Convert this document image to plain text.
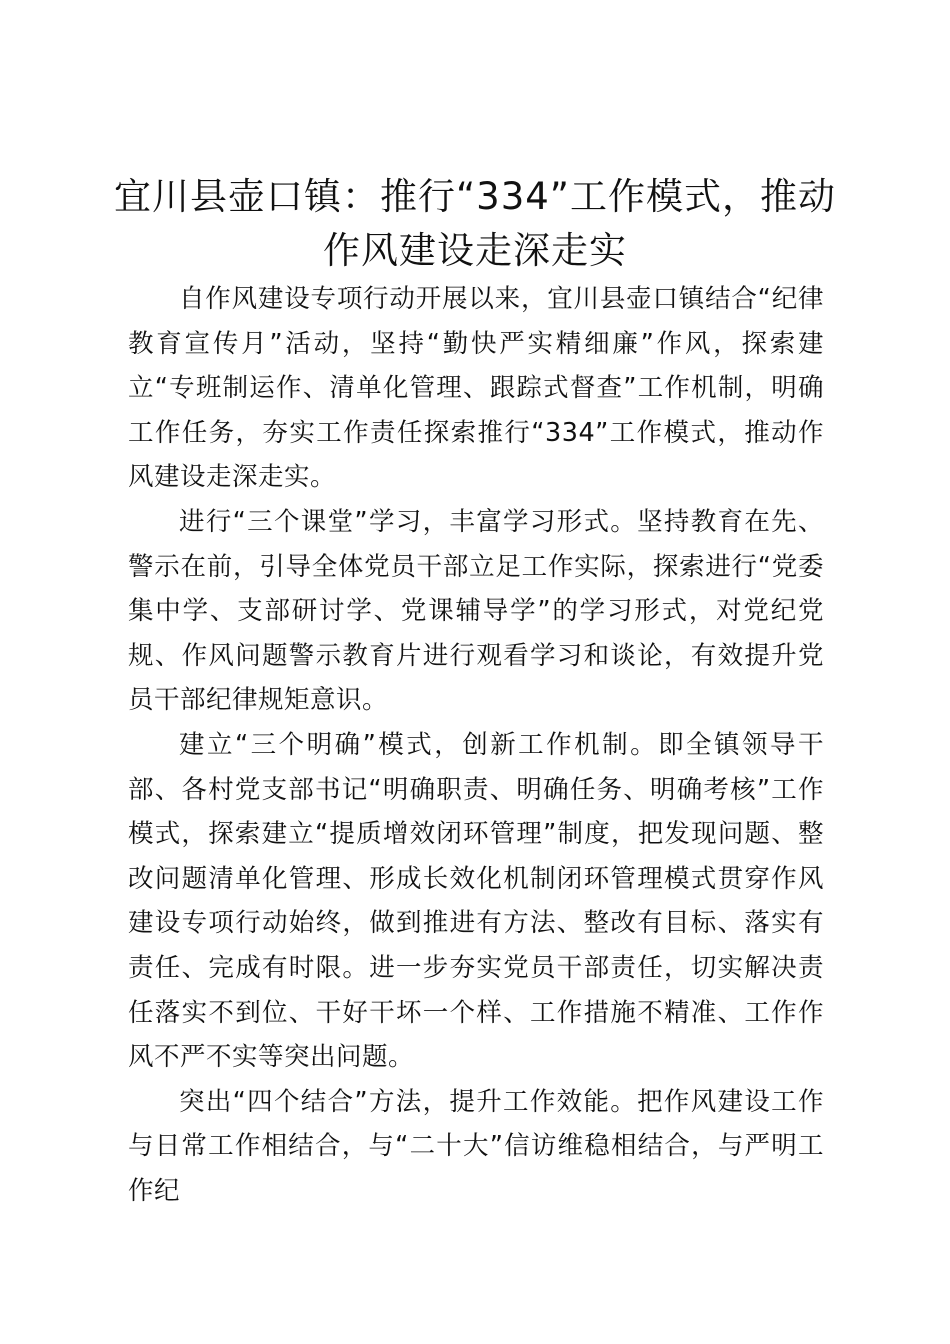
宜川县壶口镇：推行“334”工作模式，推动作风建设走深走实

自作风建设专项行动开展以来，宜川县壶口镇结合“纪律教育宣传月”活动，坚持“勤快严实精细廉”作风，探索建立“专班制运作、清单化管理、跟踪式督查”工作机制，明确工作任务，夯实工作责任探索推行“334”工作模式，推动作风建设走深走实。

进行“三个课堂”学习，丰富学习形式。坚持教育在先、警示在前，引导全体党员干部立足工作实际，探索进行“党委集中学、支部研讨学、党课辅导学”的学习形式，对党纪党规、作风问题警示教育片进行观看学习和谈论，有效提升党员干部纪律规矩意识。

建立“三个明确”模式，创新工作机制。即全镇领导干部、各村党支部书记“明确职责、明确任务、明确考核”工作模式，探索建立“提质增效闭环管理”制度，把发现问题、整改问题清单化管理、形成长效化机制闭环管理模式贯穿作风建设专项行动始终，做到推进有方法、整改有目标、落实有责任、完成有时限。进一步夯实党员干部责任，切实解决责任落实不到位、干好干坏一个样、工作措施不精准、工作作风不严不实等突出问题。

突出“四个结合”方法，提升工作效能。把作风建设工作与日常工作相结合，与“二十大”信访维稳相结合，与严明工作纪
